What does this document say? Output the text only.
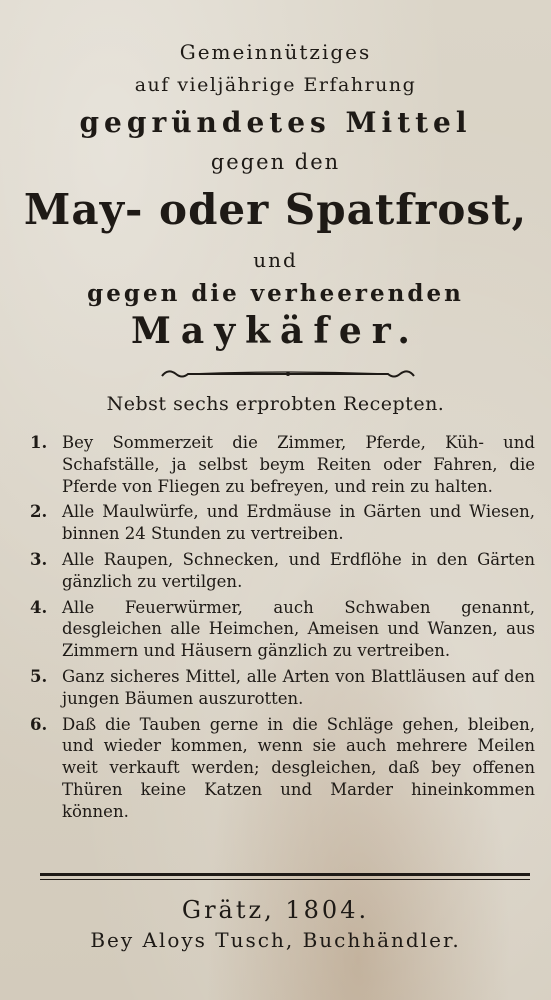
Gemeinnütziges
auf vieljährige Erfahrung
gegründetes Mittel
gegen den
May- oder Spatfrost,
und
gegen die verheerenden
Maykäfer.
Nebst sechs erprobten Recepten.
1. Bey Sommerzeit die Zimmer, Pferde, Küh- und Schafställe, ja selbst beym Reiten oder Fahren, die Pferde von Fliegen zu befreyen, und rein zu halten.
2. Alle Maulwürfe, und Erdmäuse in Gärten und Wiesen, binnen 24 Stunden zu vertreiben.
3. Alle Raupen, Schnecken, und Erdflöhe in den Gärten gänzlich zu vertilgen.
4. Alle Feuerwürmer, auch Schwaben genannt, desgleichen alle Heimchen, Ameisen und Wanzen, aus Zimmern und Häusern gänzlich zu vertreiben.
5. Ganz sicheres Mittel, alle Arten von Blattläusen auf den jungen Bäumen auszurotten.
6. Daß die Tauben gerne in die Schläge gehen, bleiben, und wieder kommen, wenn sie auch mehrere Meilen weit verkauft werden; desgleichen, daß bey offenen Thüren keine Katzen und Marder hineinkommen können.
Grätz, 1804.
Bey Aloys Tusch, Buchhändler.
